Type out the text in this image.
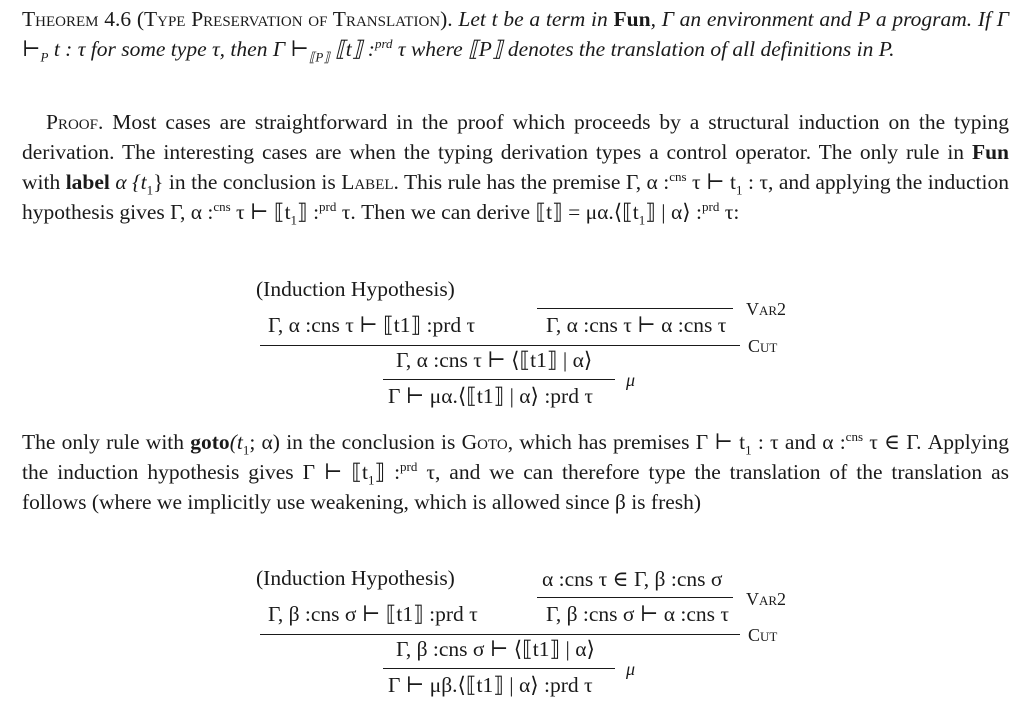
Theorem 4.6 (Type Preservation of Translation). Let t be a term in Fun, Γ an environment and P a program. If Γ $⊢_P$ t : τ for some type τ, then Γ $⊢_{⟦P⟧}$ ⟦t⟧ :$^{prd}$ τ where ⟦P⟧ denotes the translation of all definitions in P.
Proof. Most cases are straightforward in the proof which proceeds by a structural induction on the typing derivation. The interesting cases are when the typing derivation types a control operator. The only rule in Fun with label α $\{t_1\}$ in the conclusion is Label. This rule has the premise Γ, α :$^{cns}$ τ ⊢ $t_1$ : τ, and applying the induction hypothesis gives Γ, α :$^{cns}$ τ ⊢ $⟦t_1⟧$ :$^{prd}$ τ. Then we can derive ⟦t⟧ = $\mu\alpha.⟨⟦t_1⟧$ | α⟩ :$^{prd}$ τ:
(Induction Hypothesis)
Γ, α :cns τ ⊢ ⟦t1⟧ :prd τ	Γ, α :cns τ ⊢ α :cns τ
Var2
Cut
Γ, α :cns τ ⊢ ⟨⟦t1⟧ | α⟩
μ
Γ ⊢ μα.⟨⟦t1⟧ | α⟩ :prd τ
The only rule with $goto(t_1$; α) in the conclusion is Goto, which has premises Γ ⊢ $t_1$ : τ and α :$^{cns}$ τ ∈ Γ. Applying the induction hypothesis gives Γ ⊢ $⟦t_1⟧$ :$^{prd}$ τ, and we can therefore type the translation of the translation as follows (where we implicitly use weakening, which is allowed since β is fresh)
(Induction Hypothesis)	α :cns τ ∈ Γ, β :cns σ
Var2
Γ, β :cns σ ⊢ ⟦t1⟧ :prd τ	Γ, β :cns σ ⊢ α :cns τ
Cut
Γ, β :cns σ ⊢ ⟨⟦t1⟧ | α⟩
μ
Γ ⊢ μβ.⟨⟦t1⟧ | α⟩ :prd τ
